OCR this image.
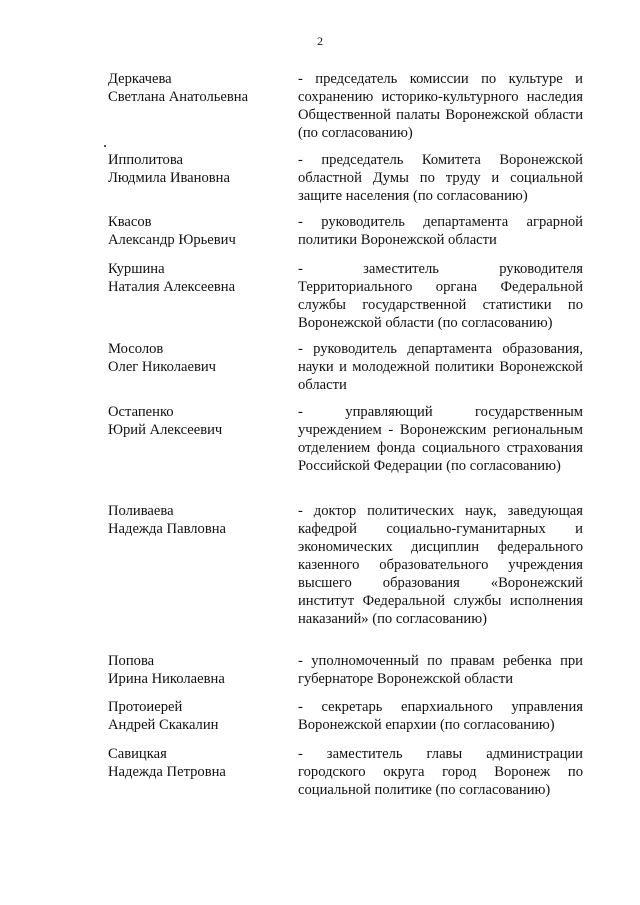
2
Деркачева
Светлана Анатольевна
- председатель комиссии по культуре и сохранению историко-культурного наследия Общественной палаты Воронежской области (по согласованию)
Ипполитова
Людмила Ивановна
- председатель Комитета Воронежской областной Думы по труду и социальной защите населения (по согласованию)
Квасов
Александр Юрьевич
- руководитель департамента аграрной политики Воронежской области
Куршина
Наталия Алексеевна
- заместитель руководителя Территориального органа Федеральной службы государственной статистики по Воронежской области (по согласованию)
Мосолов
Олег Николаевич
- руководитель департамента образования, науки и молодежной политики Воронежской области
Остапенко
Юрий Алексеевич
- управляющий государственным учреждением - Воронежским региональным отделением фонда социального страхования Российской Федерации (по согласованию)
Поливаева
Надежда Павловна
- доктор политических наук, заведующая кафедрой социально-гуманитарных и экономических дисциплин федерального казенного образовательного учреждения высшего образования «Воронежский институт Федеральной службы исполнения наказаний» (по согласованию)
Попова
Ирина Николаевна
- уполномоченный по правам ребенка при губернаторе Воронежской области
Протоиерей
Андрей Скакалин
- секретарь епархиального управления Воронежской епархии (по согласованию)
Савицкая
Надежда Петровна
- заместитель главы администрации городского округа город Воронеж по социальной политике (по согласованию)
